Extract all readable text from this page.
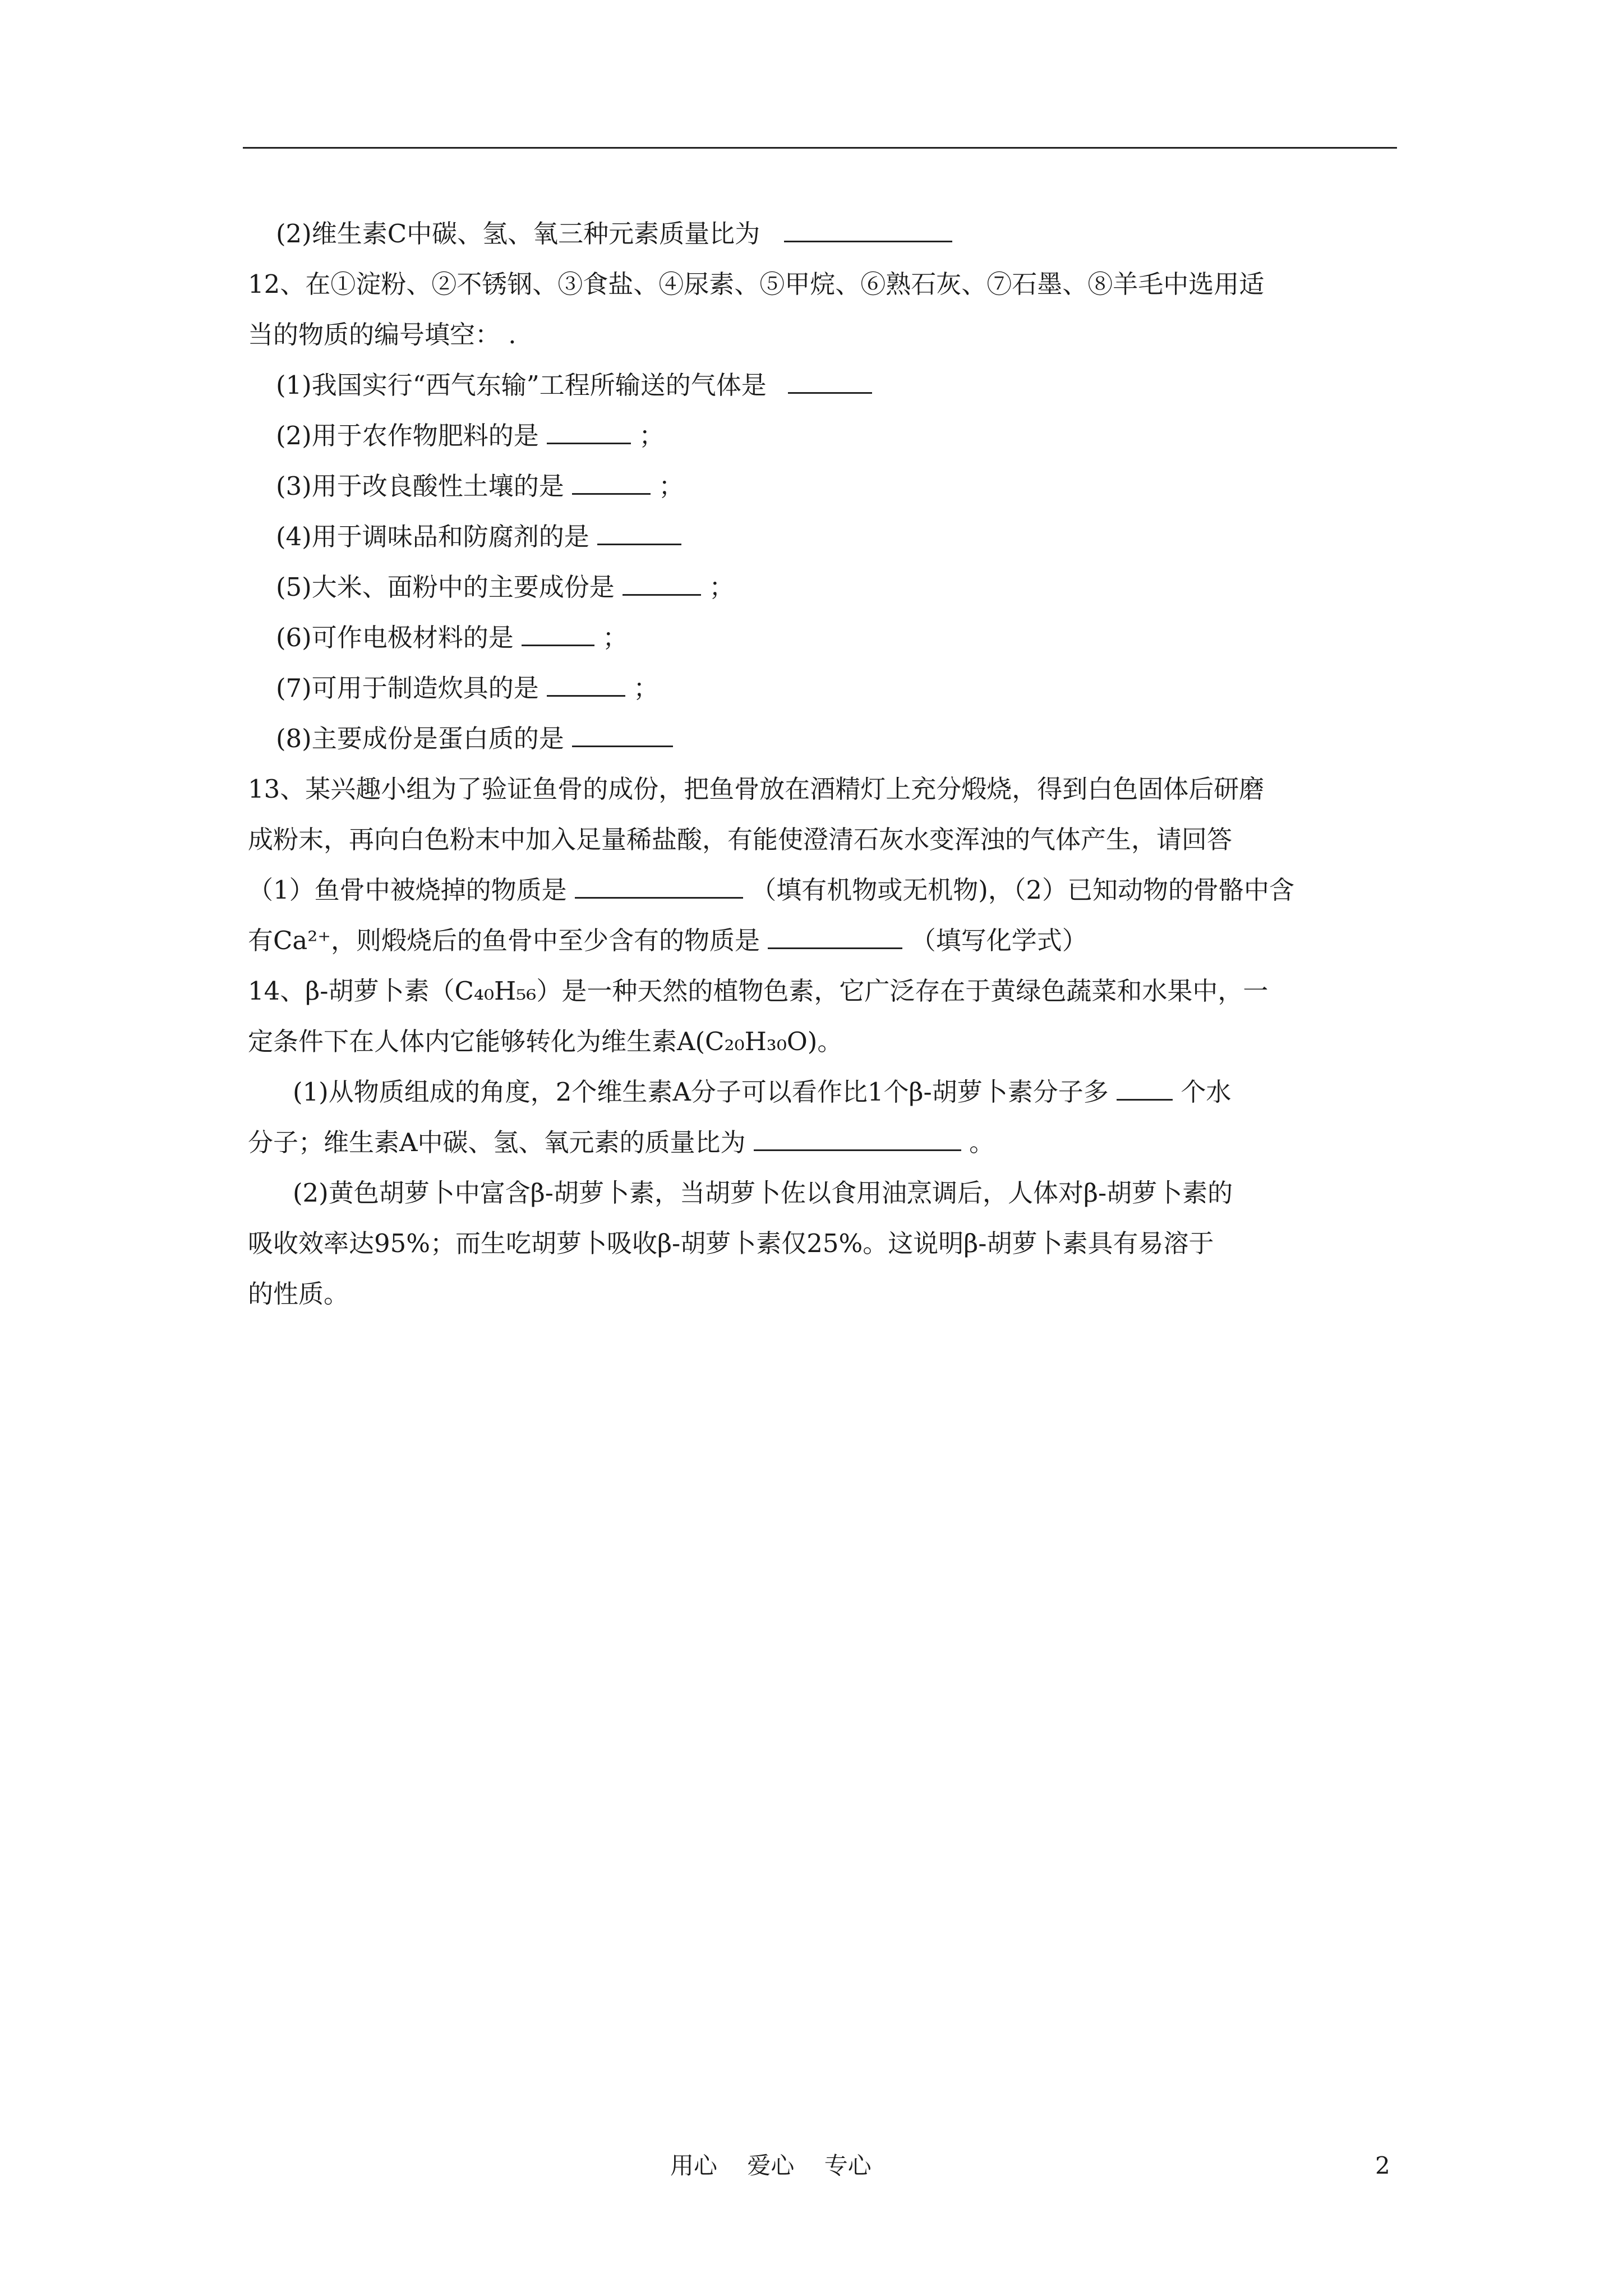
(2)维生素C中碳、氢、氧三种元素质量比为
12、在①淀粉、②不锈钢、③食盐、④尿素、⑤甲烷、⑥熟石灰、⑦石墨、⑧羊毛中选用适
当的物质的编号填空： .
(1)我国实行“西气东输”工程所输送的气体是
(2)用于农作物肥料的是	；
(3)用于改良酸性土壤的是	；
(4)用于调味品和防腐剂的是
(5)大米、面粉中的主要成份是	；
(6)可作电极材料的是	；
(7)可用于制造炊具的是	；
(8)主要成份是蛋白质的是
13、某兴趣小组为了验证鱼骨的成份，把鱼骨放在酒精灯上充分煅烧，得到白色固体后研磨
成粉末，再向白色粉末中加入足量稀盐酸，有能使澄清石灰水变浑浊的气体产生，请回答
（1）鱼骨中被烧掉的物质是	（填有机物或无机物)，（2）已知动物的骨骼中含
有Ca²⁺，则煅烧后的鱼骨中至少含有的物质是	（填写化学式）
14、β-胡萝卜素（C₄₀H₅₆）是一种天然的植物色素，它广泛存在于黄绿色蔬菜和水果中，一
定条件下在人体内它能够转化为维生素A(C₂₀H₃₀O)。
(1)从物质组成的角度，2个维生素A分子可以看作比1个β-胡萝卜素分子多	个水
分子；维生素A中碳、氢、氧元素的质量比为	。
(2)黄色胡萝卜中富含β-胡萝卜素，当胡萝卜佐以食用油烹调后，人体对β-胡萝卜素的
吸收效率达95%；而生吃胡萝卜吸收β-胡萝卜素仅25%。这说明β-胡萝卜素具有易溶于
的性质。
用心    爱心    专心	2
